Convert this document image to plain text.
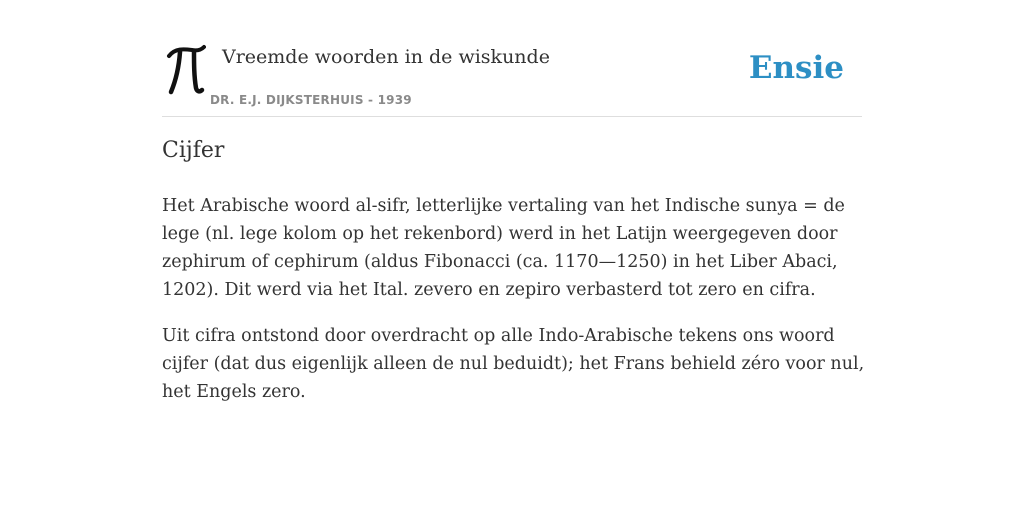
Vreemde woorden in de wiskunde
DR. E.J. DIJKSTERHUIS - 1939
Ensie
Cijfer

Het Arabische woord al-sifr, letterlijke vertaling van het Indische sunya = de lege (nl. lege kolom op het rekenbord) werd in het Latijn weergegeven door zephirum of cephirum (aldus Fibonacci (ca. 1170—1250) in het Liber Abaci, 1202). Dit werd via het Ital. zevero en zepiro verbasterd tot zero en cifra.

Uit cifra ontstond door overdracht op alle Indo-Arabische tekens ons woord cijfer (dat dus eigenlijk alleen de nul beduidt); het Frans behield zéro voor nul, het Engels zero.
